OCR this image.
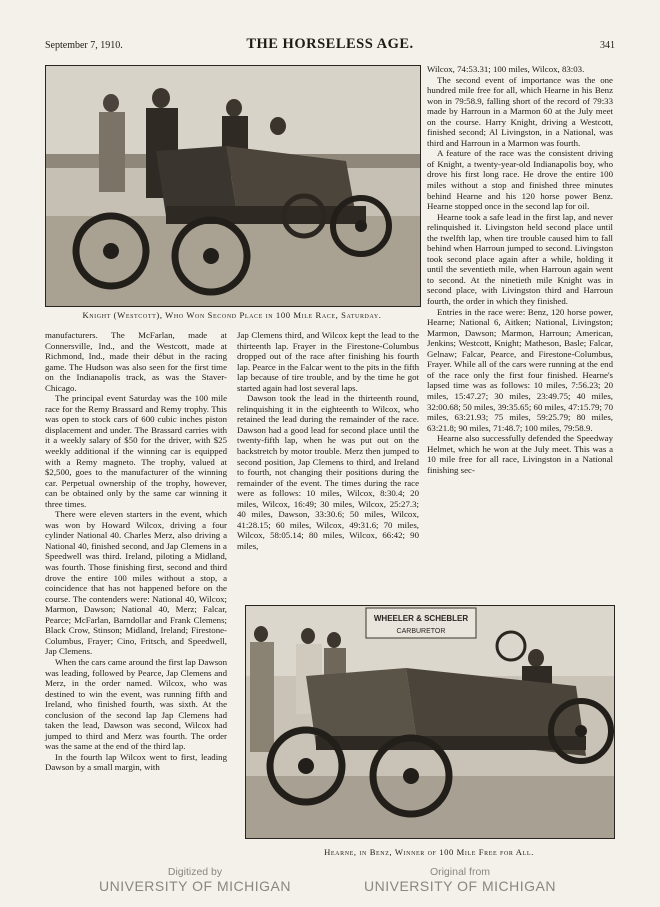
September 7, 1910.	THE HORSELESS AGE.	341
Knight (Westcott), Who Won Second Place in 100 Mile Race, Saturday.

manufacturers. The McFarlan, made at Connersville, Ind., and the Westcott, made at Richmond, Ind., made their début in the racing game. The Hudson was also seen for the first time on the Indianapolis track, as was the Staver-Chicago.

The principal event Saturday was the 100 mile race for the Remy Brassard and Remy trophy. This was open to stock cars of 600 cubic inches piston displacement and under. The Brassard carries with it a weekly salary of $50 for the driver, with $25 weekly additional if the winning car is equipped with a Remy magneto. The trophy, valued at $2,500, goes to the manufacturer of the winning car. Perpetual ownership of the trophy, however, can be obtained only by the same car winning it three times.

There were eleven starters in the event, which was won by Howard Wilcox, driving a four cylinder National 40. Charles Merz, also driving a National 40, finished second, and Jap Clemens in a Speedwell was third. Ireland, piloting a Midland, was fourth. Those finishing first, second and third drove the entire 100 miles without a stop, a coincidence that has not happened before on the course. The contenders were: National 40, Wilcox; Marmon, Dawson; National 40, Merz; Falcar, Pearce; McFarlan, Barndollar and Frank Clemens; Black Crow, Stinson; Midland, Ireland; Firestone-Columbus, Frayer; Cino, Fritsch, and Speedwell, Jap Clemens.

When the cars came around the first lap Dawson was leading, followed by Pearce, Jap Clemens and Merz, in the order named. Wilcox, who was destined to win the event, was running fifth and Ireland, who finished fourth, was sixth. At the conclusion of the second lap Jap Clemens had taken the lead, Dawson was second, Wilcox had jumped to third and Merz was fourth. The order was the same at the end of the third lap.

In the fourth lap Wilcox went to first, leading Dawson by a small margin, with

Jap Clemens third, and Wilcox kept the lead to the thirteenth lap. Frayer in the Firestone-Columbus dropped out of the race after finishing his fourth lap. Pearce in the Falcar went to the pits in the fifth lap because of tire trouble, and by the time he got started again had lost several laps.

Dawson took the lead in the thirteenth round, relinquishing it in the eighteenth to Wilcox, who retained the lead during the remainder of the race. Dawson had a good lead for second place until the twenty-fifth lap, when he was put out on the backstretch by motor trouble. Merz then jumped to second position, Jap Clemens to third, and Ireland to fourth, not changing their positions during the remainder of the event. The times during the race were as follows: 10 miles, Wilcox, 8:30.4; 20 miles, Wilcox, 16:49; 30 miles, Wilcox, 25:27.3; 40 miles, Dawson, 33:30.6; 50 miles, Wilcox, 41:28.15; 60 miles, Wilcox, 49:31.6; 70 miles, Wilcox, 58:05.14; 80 miles, Wilcox, 66:42; 90 miles,

Wilcox, 74:53.31; 100 miles, Wilcox, 83:03.

The second event of importance was the one hundred mile free for all, which Hearne in his Benz won in 79:58.9, falling short of the record of 79:33 made by Harroun in a Marmon 60 at the July meet on the course. Harry Knight, driving a Westcott, finished second; Al Livingston, in a National, was third and Harroun in a Marmon was fourth.

A feature of the race was the consistent driving of Knight, a twenty-year-old Indianapolis boy, who drove his first long race. He drove the entire 100 miles without a stop and finished three minutes behind Hearne and his 120 horse power Benz. Hearne stopped once in the second lap for oil.

Hearne took a safe lead in the first lap, and never relinquished it. Livingston held second place until the twelfth lap, when tire trouble caused him to fall behind when Harroun jumped to second. Livingston took second place again after a while, holding it until the seventieth mile, when Harroun again went to second. At the ninetieth mile Knight was in second place, with Livingston third and Harroun fourth, the order in which they finished.

Entries in the race were: Benz, 120 horse power, Hearne; National 6, Aitken; National, Livingston; Marmon, Dawson; Marmon, Harroun; American, Jenkins; Westcott, Knight; Matheson, Basle; Falcar, Gelnaw; Falcar, Pearce, and Firestone-Columbus, Frayer. While all of the cars were running at the end of the race only the first four finished. Hearne's lapsed time was as follows: 10 miles, 7:56.23; 20 miles, 15:47.27; 30 miles, 23:49.75; 40 miles, 32:00.68; 50 miles, 39:35.65; 60 miles, 47:15.79; 70 miles, 63:21.93; 75 miles, 59:25.79; 80 miles, 63:21.8; 90 miles, 71:48.7; 100 miles, 79:58.9.

Hearne also successfully defended the Speedway Helmet, which he won at the July meet. This was a 10 mile free for all race, Livingston in a National finishing sec-

WHEELER & SCHEBLER
CARBURETOR
Hearne, in Benz, Winner of 100 Mile Free for All.
Digitized by
UNIVERSITY OF MICHIGAN
Original from
UNIVERSITY OF MICHIGAN
